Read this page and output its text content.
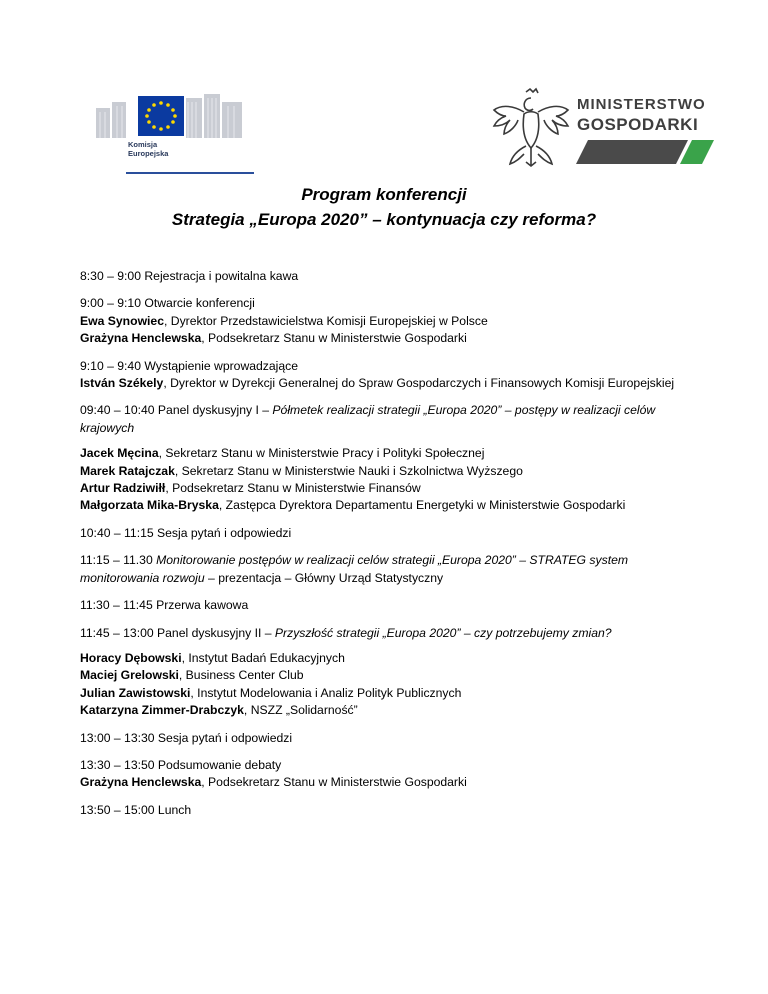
Komisja
Europejska
MINISTERSTWO
GOSPODARKI
Program konferencji
Strategia „Europa 2020” – kontynuacja czy reforma?
8:30 – 9:00 Rejestracja i powitalna kawa
9:00 – 9:10 Otwarcie konferencji
Ewa Synowiec, Dyrektor Przedstawicielstwa Komisji Europejskiej w Polsce
Grażyna Henclewska, Podsekretarz Stanu w Ministerstwie Gospodarki
9:10 – 9:40 Wystąpienie wprowadzające
István Székely, Dyrektor w Dyrekcji Generalnej do Spraw Gospodarczych i Finansowych Komisji Europejskiej
09:40 – 10:40 Panel dyskusyjny I – Półmetek realizacji strategii „Europa 2020” – postępy w realizacji celów krajowych
Jacek Męcina, Sekretarz Stanu w Ministerstwie Pracy i Polityki Społecznej
Marek Ratajczak, Sekretarz Stanu w Ministerstwie Nauki i Szkolnictwa Wyższego
Artur Radziwiłł, Podsekretarz Stanu w Ministerstwie Finansów
Małgorzata Mika-Bryska, Zastępca Dyrektora Departamentu Energetyki w Ministerstwie Gospodarki
10:40 – 11:15 Sesja pytań i odpowiedzi
11:15 – 11.30 Monitorowanie postępów w realizacji celów strategii „Europa 2020” – STRATEG system monitorowania rozwoju – prezentacja – Główny Urząd Statystyczny
11:30 – 11:45 Przerwa kawowa
11:45 – 13:00 Panel dyskusyjny II – Przyszłość strategii „Europa 2020” – czy potrzebujemy zmian?
Horacy Dębowski, Instytut Badań Edukacyjnych
Maciej Grelowski, Business Center Club
Julian Zawistowski, Instytut Modelowania i Analiz Polityk Publicznych
Katarzyna Zimmer-Drabczyk, NSZZ „Solidarność”
13:00 – 13:30 Sesja pytań i odpowiedzi
13:30 – 13:50 Podsumowanie debaty
Grażyna Henclewska, Podsekretarz Stanu w Ministerstwie Gospodarki
13:50 – 15:00 Lunch
